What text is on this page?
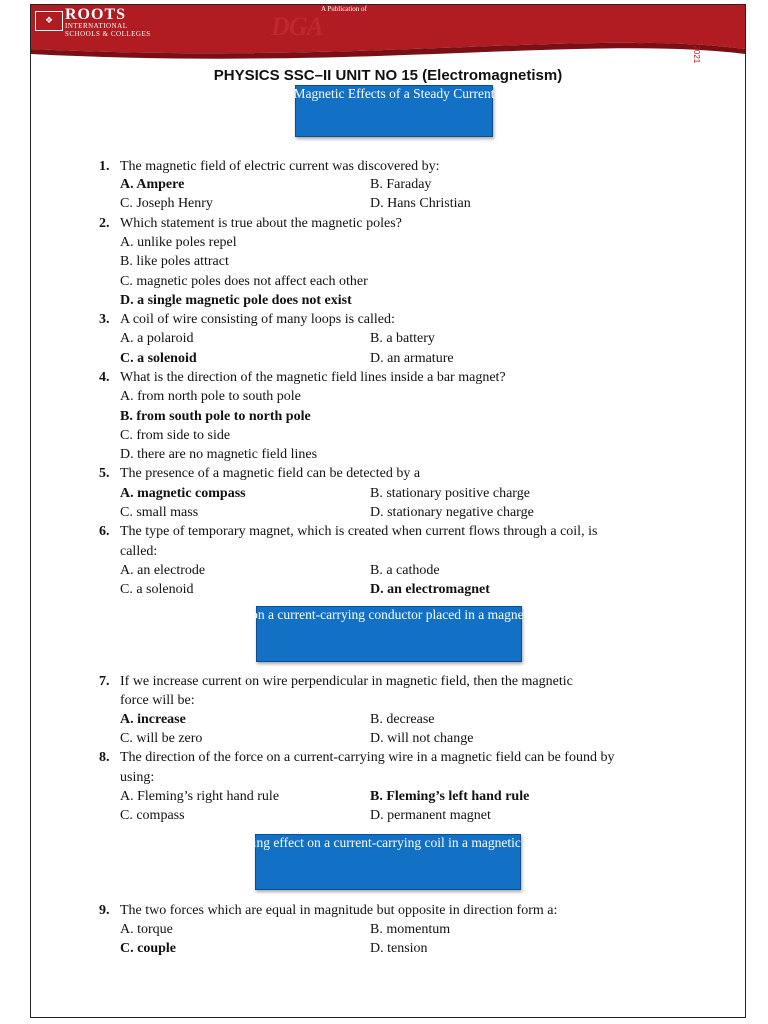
❖ ROOTS
INTERNATIONAL
SCHOOLS & COLLEGES
A Publication of
DGA	33 1988-2021
PHYSICS SSC–II UNIT NO 15 (Electromagnetism)
Magnetic Effects of a Steady Current
Force on a current-carrying conductor placed in a magnetic field
Turning effect on a current-carrying coil in a magnetic field
1. The magnetic field of electric current was discovered by:
A. Ampere	B. Faraday
C. Joseph Henry	D. Hans Christian
2. Which statement is true about the magnetic poles?
A. unlike poles repel
B. like poles attract
C. magnetic poles does not affect each other
D. a single magnetic pole does not exist
3. A coil of wire consisting of many loops is called:
A. a polaroid	B. a battery
C. a solenoid	D. an armature
4. What is the direction of the magnetic field lines inside a bar magnet?
A. from north pole to south pole
B. from south pole to north pole
C. from side to side
D. there are no magnetic field lines
5. The presence of a magnetic field can be detected by a
A. magnetic compass	B. stationary positive charge
C. small mass	D. stationary negative charge
6. The type of temporary magnet, which is created when current flows through a coil, is
called:
A. an electrode	B. a cathode
C. a solenoid	D. an electromagnet
7. If we increase current on wire perpendicular in magnetic field, then the magnetic
force will be:
A. increase	B. decrease
C. will be zero	D. will not change
8. The direction of the force on a current-carrying wire in a magnetic field can be found by
using:
A. Fleming’s right hand rule	B. Fleming’s left hand rule
C. compass	D. permanent magnet
9. The two forces which are equal in magnitude but opposite in direction form a:
A. torque	B. momentum
C. couple	D. tension
